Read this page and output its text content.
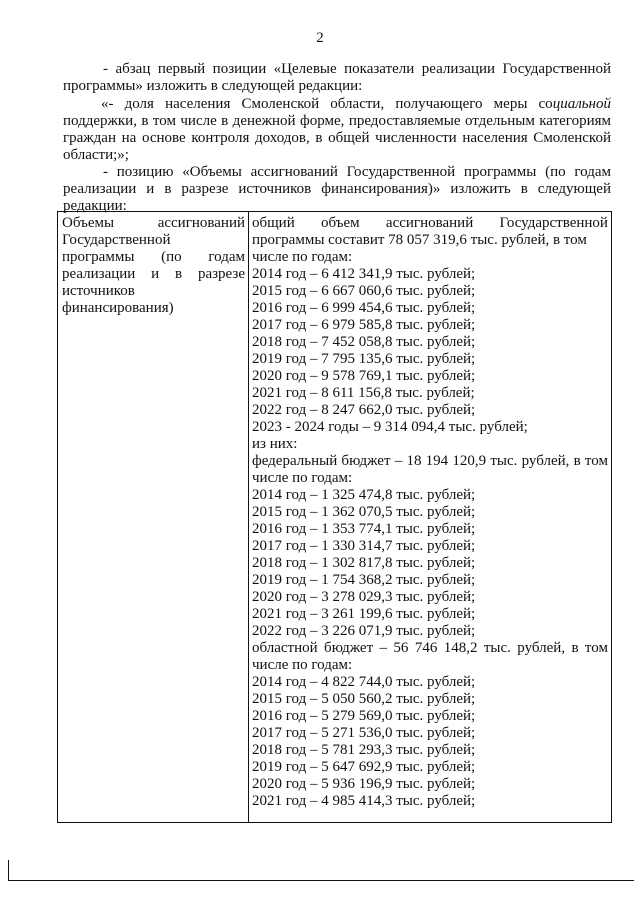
2

- абзац первый позиции «Целевые показатели реализации Государственной программы» изложить в следующей редакции:

«- доля населения Смоленской области, получающего меры социальной поддержки, в том числе в денежной форме, предоставляемые отдельным категориям граждан на основе контроля доходов, в общей численности населения Смоленской области;»;

- позицию «Объемы ассигнований Государственной программы (по годам реализации и в разрезе источников финансирования)» изложить в следующей редакции:

Объемы	ассигнований
Государственной
программы (по годам
реализации и в разрезе
источников
финансирования)
общий объем ассигнований Государственной
программы составит 78 057 319,6 тыс. рублей, в том числе по годам:
2014 год – 6 412 341,9 тыс. рублей;
2015 год – 6 667 060,6 тыс. рублей;
2016 год – 6 999 454,6 тыс. рублей;
2017 год – 6 979 585,8 тыс. рублей;
2018 год – 7 452 058,8 тыс. рублей;
2019 год – 7 795 135,6 тыс. рублей;
2020 год – 9 578 769,1 тыс. рублей;
2021 год – 8 611 156,8 тыс. рублей;
2022 год – 8 247 662,0 тыс. рублей;
2023 - 2024 годы – 9 314 094,4 тыс. рублей;
из них:
федеральный бюджет – 18 194 120,9 тыс. рублей, в том числе по годам:
2014 год – 1 325 474,8 тыс. рублей;
2015 год – 1 362 070,5 тыс. рублей;
2016 год – 1 353 774,1 тыс. рублей;
2017 год – 1 330 314,7 тыс. рублей;
2018 год – 1 302 817,8 тыс. рублей;
2019 год – 1 754 368,2 тыс. рублей;
2020 год – 3 278 029,3 тыс. рублей;
2021 год – 3 261 199,6 тыс. рублей;
2022 год – 3 226 071,9 тыс. рублей;
областной бюджет – 56 746 148,2 тыс. рублей, в том числе по годам:
2014 год – 4 822 744,0 тыс. рублей;
2015 год – 5 050 560,2 тыс. рублей;
2016 год – 5 279 569,0 тыс. рублей;
2017 год – 5 271 536,0 тыс. рублей;
2018 год – 5 781 293,3 тыс. рублей;
2019 год – 5 647 692,9 тыс. рублей;
2020 год – 5 936 196,9 тыс. рублей;
2021 год – 4 985 414,3 тыс. рублей;
